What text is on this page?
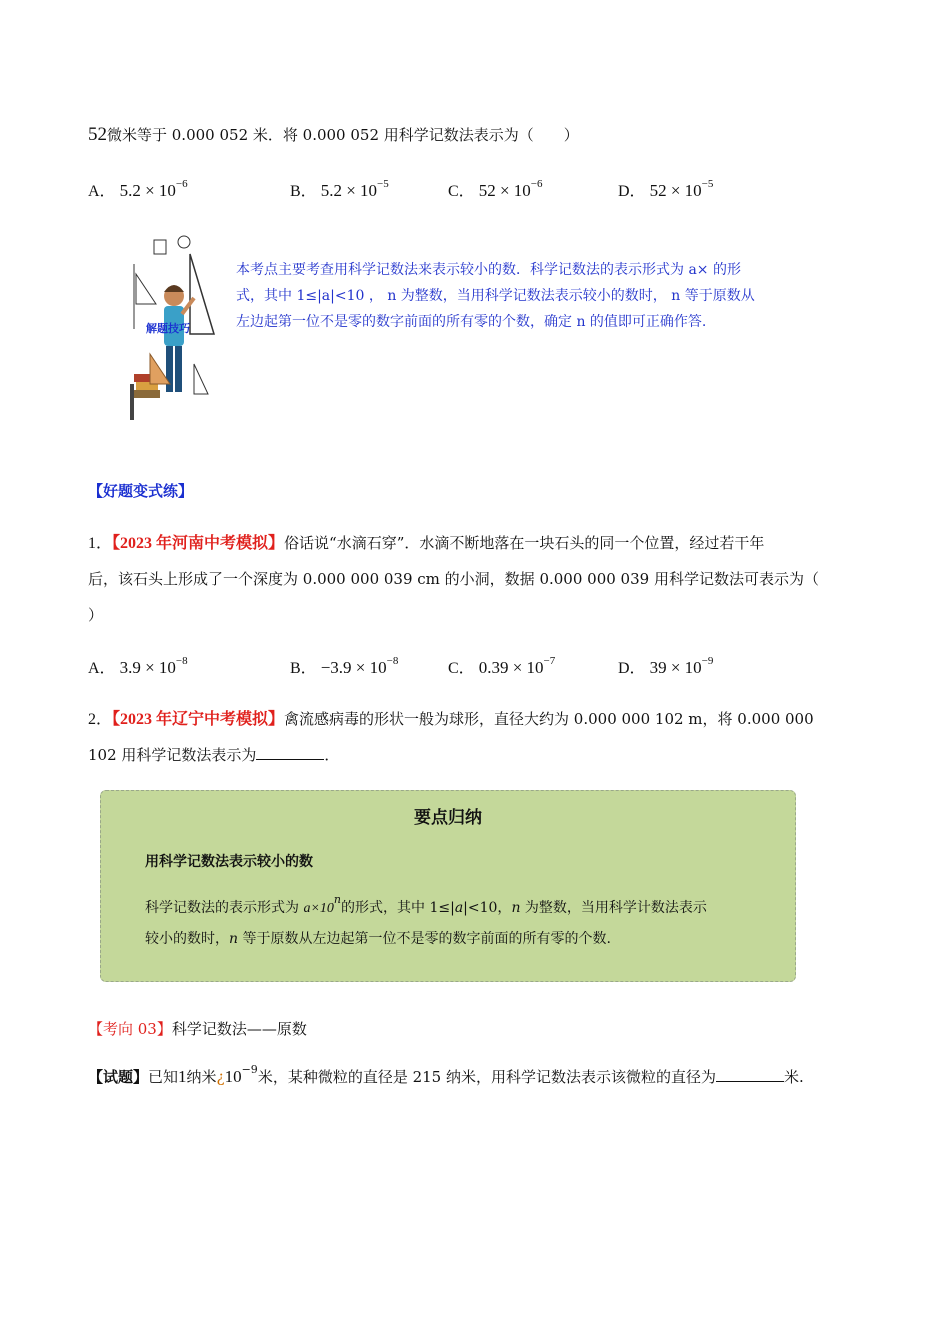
52微米等于 0.000 052 米．将 0.000 052 用科学记数法表示为（　　）
A． $5.2 \times 10^{-6}$	B． $5.2 \times 10^{-5}$	C． $52 \times 10^{-6}$	D． $52 \times 10^{-5}$
解题技巧
本考点主要考查用科学记数法来表示较小的数．科学记数法的表示形式为 a× 的形
式，其中 1≤|a|<10 ， n 为整数，当用科学记数法表示较小的数时， n 等于原数从
左边起第一位不是零的数字前面的所有零的个数，确定 n 的值即可正确作答.
【好题变式练】
1．【2023 年河南中考模拟】俗话说“水滴石穿”．水滴不断地落在一块石头的同一个位置，经过若干年
后，该石头上形成了一个深度为 0.000 000 039 cm 的小洞，数据 0.000 000 039 用科学记数法可表示为（
）
A． $3.9 \times 10^{-8}$	B． $-3.9 \times 10^{-8}$	C． $0.39 \times 10^{-7}$	D． $39 \times 10^{-9}$
2．【2023 年辽宁中考模拟】禽流感病毒的形状一般为球形，直径大约为 0.000 000 102 m，将 0.000 000
102 用科学记数法表示为	．
要点归纳
用科学记数法表示较小的数
科学记数法的表示形式为 $a\times 10^n$的形式，其中 1≤|a|<10，n 为整数，当用科学计数法表示
较小的数时，n 等于原数从左边起第一位不是零的数字前面的所有零的个数.
【考向 03】科学记数法——原数
【试题】已知1纳米¿$10^{-9}$米，某种微粒的直径是 215 纳米，用科学记数法表示该微粒的直径为	米.
